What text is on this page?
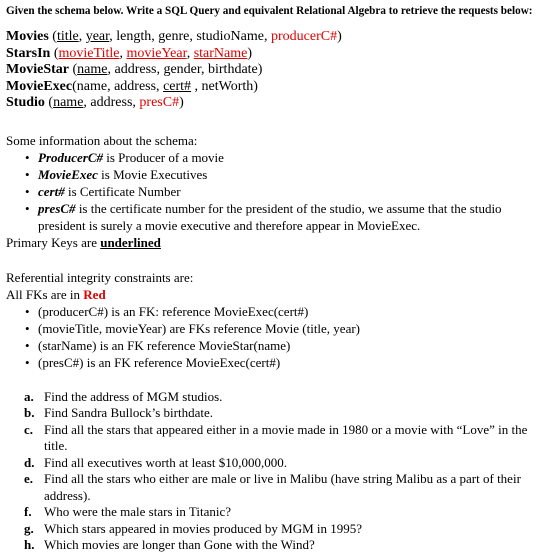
Given the schema below. Write a SQL Query and equivalent Relational Algebra to retrieve the requests below:

Movies (title, year, length, genre, studioName, producerC#)
StarsIn (movieTitle, movieYear, starName)
MovieStar (name, address, gender, birthdate)
MovieExec(name, address, cert# , netWorth)
Studio (name, address, presC#)
Some information about the schema:
• ProducerC# is Producer of a movie
• MovieExec is Movie Executives
• cert# is Certificate Number
• presC# is the certificate number for the president of the studio, we assume that the studio president is surely a movie executive and therefore appear in MovieExec.
Primary Keys are underlined
Referential integrity constraints are:
All FKs are in Red
• (producerC#) is an FK: reference MovieExec(cert#)
• (movieTitle, movieYear) are FKs reference Movie (title, year)
• (starName) is an FK reference MovieStar(name)
• (presC#) is an FK reference MovieExec(cert#)
a. Find the address of MGM studios.
b. Find Sandra Bullock’s birthdate.
c. Find all the stars that appeared either in a movie made in 1980 or a movie with “Love” in the title.
d. Find all executives worth at least $10,000,000.
e. Find all the stars who either are male or live in Malibu (have string Malibu as a part of their address).
f. Who were the male stars in Titanic?
g. Which stars appeared in movies produced by MGM in 1995?
h. Which movies are longer than Gone with the Wind?
